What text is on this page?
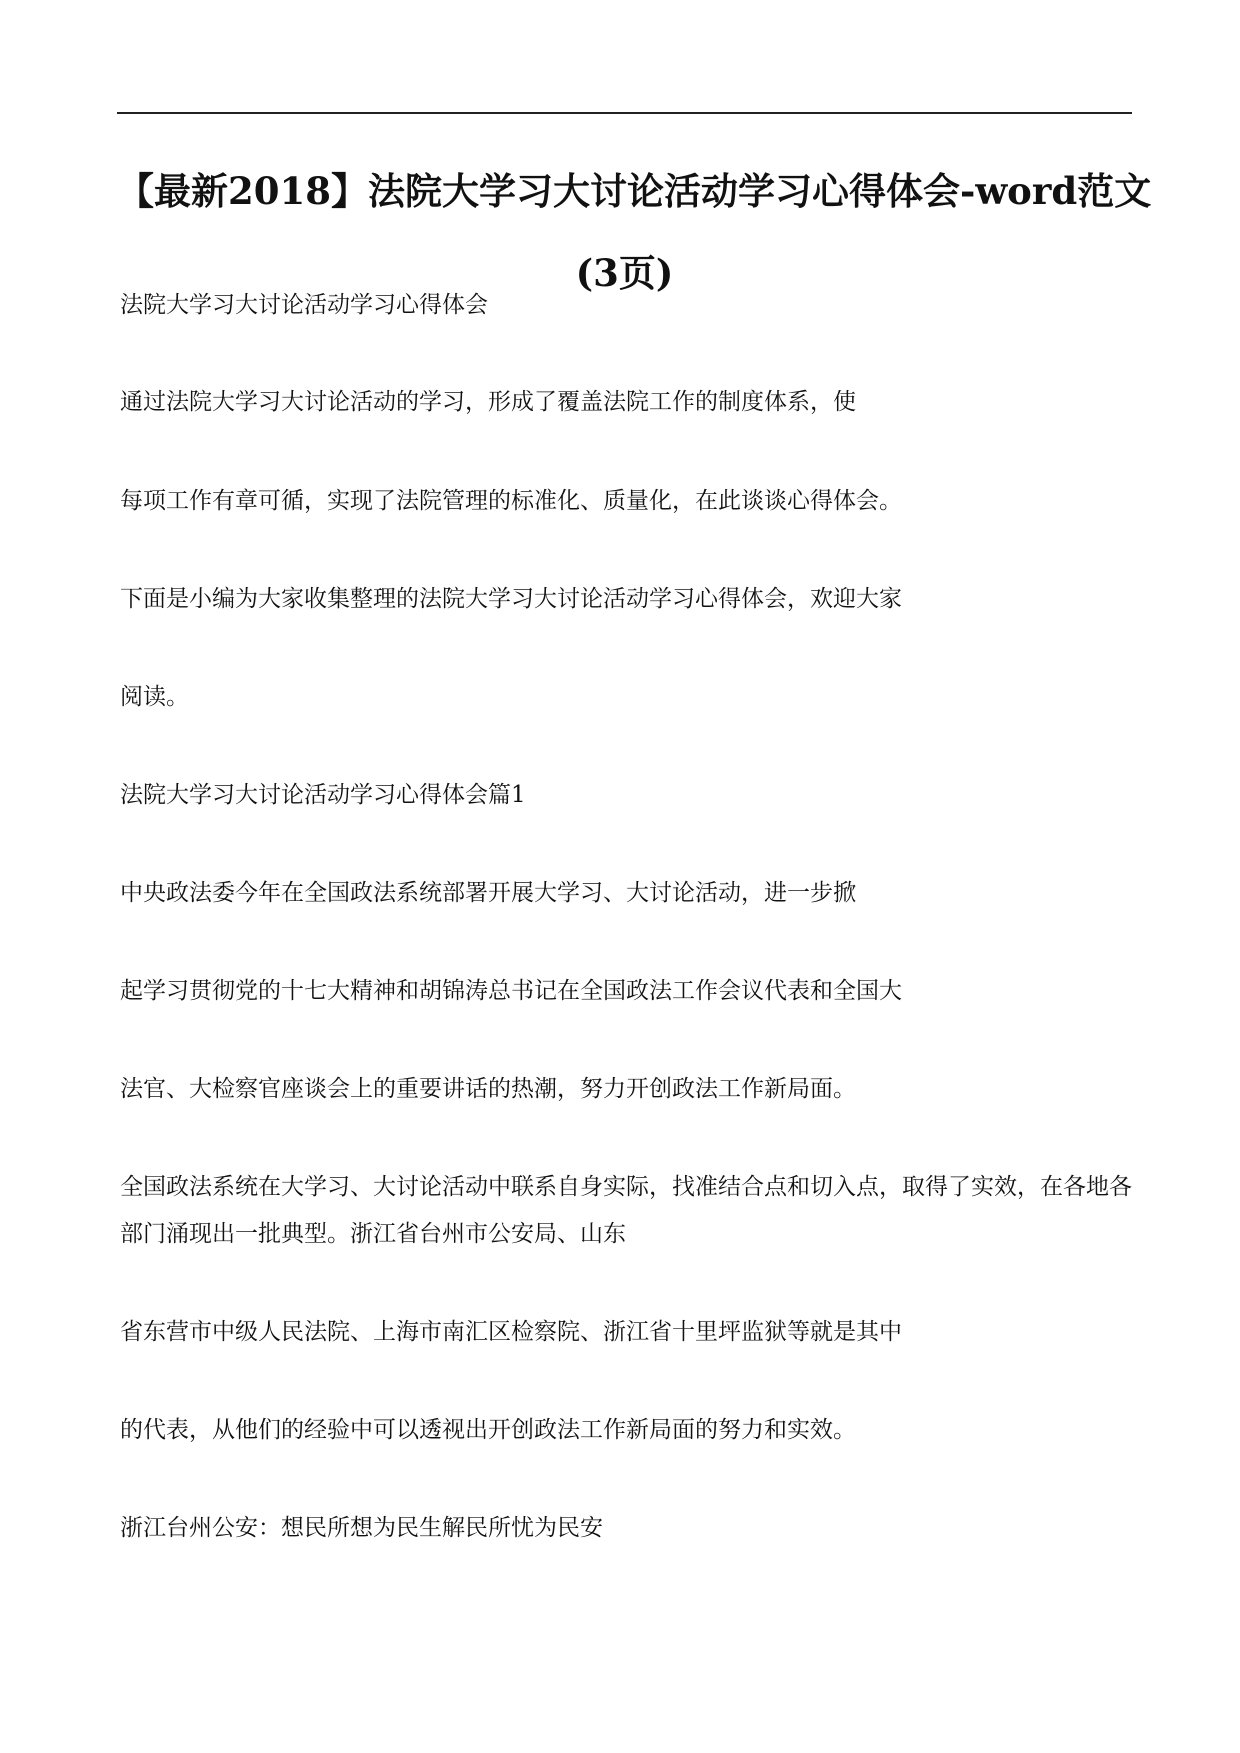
【最新2018】法院大学习大讨论活动学习心得体会-word范文
(3页)
法院大学习大讨论活动学习心得体会
通过法院大学习大讨论活动的学习，形成了覆盖法院工作的制度体系，使
每项工作有章可循，实现了法院管理的标准化、质量化，在此谈谈心得体会。
下面是小编为大家收集整理的法院大学习大讨论活动学习心得体会，欢迎大家
阅读。
法院大学习大讨论活动学习心得体会篇1
中央政法委今年在全国政法系统部署开展大学习、大讨论活动，进一步掀
起学习贯彻党的十七大精神和胡锦涛总书记在全国政法工作会议代表和全国大
法官、大检察官座谈会上的重要讲话的热潮，努力开创政法工作新局面。
全国政法系统在大学习、大讨论活动中联系自身实际，找准结合点和切入点，取得了实效，在各地各部门涌现出一批典型。浙江省台州市公安局、山东
省东营市中级人民法院、上海市南汇区检察院、浙江省十里坪监狱等就是其中
的代表，从他们的经验中可以透视出开创政法工作新局面的努力和实效。
浙江台州公安：想民所想为民生解民所忧为民安
